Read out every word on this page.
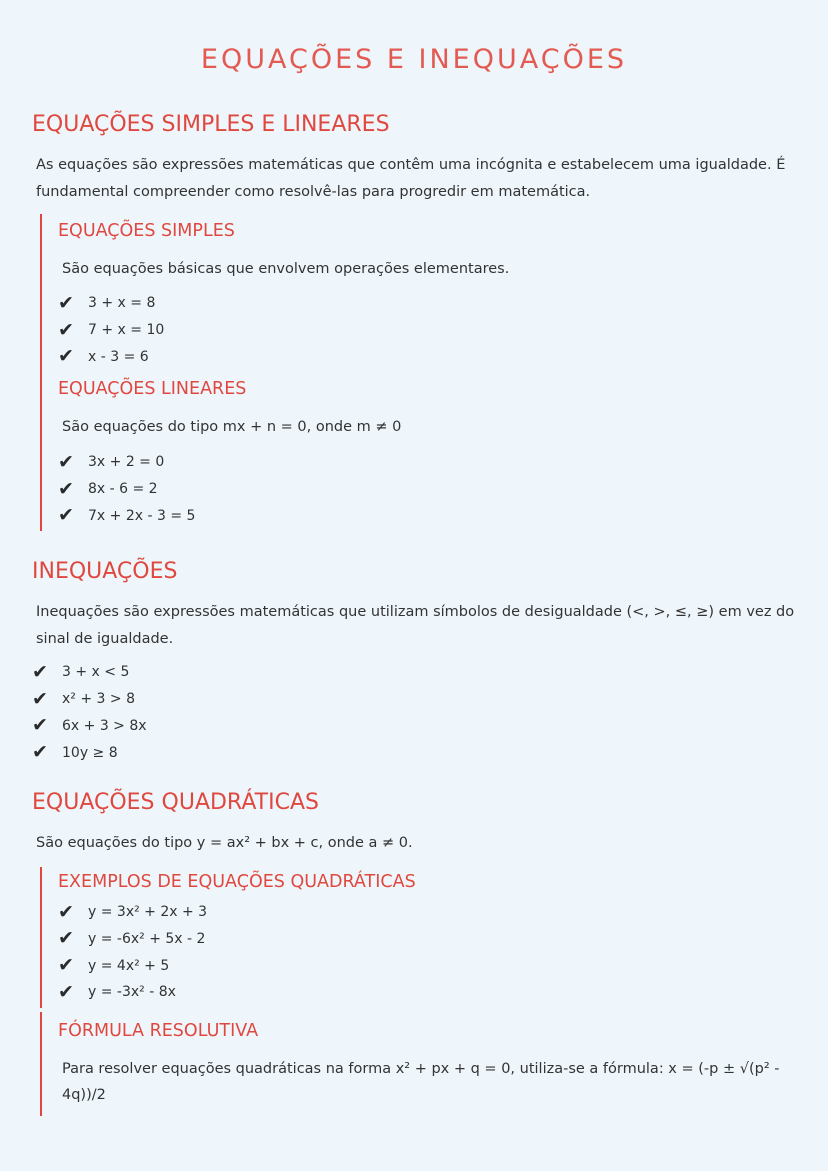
EQUAÇÕES E INEQUAÇÕES
EQUAÇÕES SIMPLES E LINEARES

As equações são expressões matemáticas que contêm uma incógnita e estabelecem uma igualdade. É

fundamental compreender como resolvê-las para progredir em matemática.

EQUAÇÕES SIMPLES

São equações básicas que envolvem operações elementares.

✔	3 + x = 8
✔	7 + x = 10
✔	x - 3 = 6
EQUAÇÕES LINEARES

São equações do tipo mx + n = 0, onde m ≠ 0

✔	3x + 2 = 0
✔	8x - 6 = 2
✔	7x + 2x - 3 = 5
INEQUAÇÕES

Inequações são expressões matemáticas que utilizam símbolos de desigualdade (<, >, ≤, ≥) em vez do

sinal de igualdade.

✔	3 + x < 5
✔	x² + 3 > 8
✔	6x + 3 > 8x
✔	10y ≥ 8
EQUAÇÕES QUADRÁTICAS

São equações do tipo y = ax² + bx + c, onde a ≠ 0.

EXEMPLOS DE EQUAÇÕES QUADRÁTICAS
✔	y = 3x² + 2x + 3
✔	y = -6x² + 5x - 2
✔	y = 4x² + 5
✔	y = -3x² - 8x
FÓRMULA RESOLUTIVA

Para resolver equações quadráticas na forma x² + px + q = 0, utiliza-se a fórmula: x = (-p ± √(p² -

4q))/2
